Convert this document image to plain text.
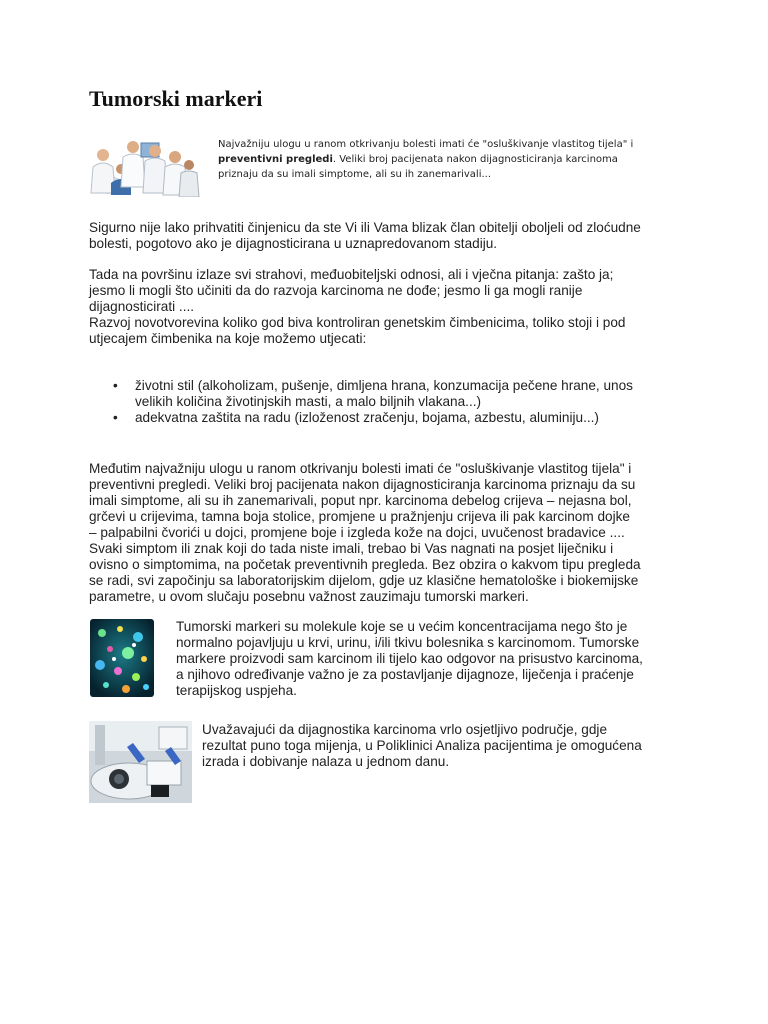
Tumorski markeri
Najvažniju ulogu u ranom otkrivanju bolesti imati će "osluškivanje vlastitog tijela" i
preventivni pregledi. Veliki broj pacijenata nakon dijagnosticiranja karcinoma
priznaju da su imali simptome, ali su ih zanemarivali...
Sigurno nije lako prihvatiti činjenicu da ste Vi ili Vama blizak član obitelji oboljeli od zloćudne
bolesti, pogotovo ako je dijagnosticirana u uznapredovanom stadiju.
Tada na površinu izlaze svi strahovi, međuobiteljski odnosi, ali i vječna pitanja: zašto ja;
jesmo li mogli što učiniti da do razvoja karcinoma ne dođe; jesmo li ga mogli ranije
dijagnosticirati ....
Razvoj novotvorevina koliko god biva kontroliran genetskim čimbenicima, toliko stoji i pod
utjecajem čimbenika na koje možemo utjecati:
• životni stil (alkoholizam, pušenje, dimljena hrana, konzumacija pečene hrane, unos
velikih količina životinjskih masti, a malo biljnih vlakana...)
• adekvatna zaštita na radu (izloženost zračenju, bojama, azbestu, aluminiju...)
Međutim najvažniju ulogu u ranom otkrivanju bolesti imati će "osluškivanje vlastitog tijela" i
preventivni pregledi. Veliki broj pacijenata nakon dijagnosticiranja karcinoma priznaju da su
imali simptome, ali su ih zanemarivali, poput npr. karcinoma debelog crijeva – nejasna bol,
grčevi u crijevima, tamna boja stolice, promjene u pražnjenju crijeva ili pak karcinom dojke
– palpabilni čvorići u dojci, promjene boje i izgleda kože na dojci, uvučenost bradavice ....
Svaki simptom ili znak koji do tada niste imali, trebao bi Vas nagnati na posjet liječniku i
ovisno o simptomima, na početak preventivnih pregleda. Bez obzira o kakvom tipu pregleda
se radi, svi započinju sa laboratorijskim dijelom, gdje uz klasične hematološke i biokemijske
parametre, u ovom slučaju posebnu važnost zauzimaju tumorski markeri.
Tumorski markeri su molekule koje se u većim koncentracijama nego što je
normalno pojavljuju u krvi, urinu, i/ili tkivu bolesnika s karcinomom. Tumorske
markere proizvodi sam karcinom ili tijelo kao odgovor na prisustvo karcinoma,
a njihovo određivanje važno je za postavljanje dijagnoze, liječenja i praćenje
terapijskog uspjeha.
Uvažavajući da dijagnostika karcinoma vrlo osjetljivo područje, gdje
rezultat puno toga mijenja, u Poliklinici Analiza pacijentima je omogućena
izrada i dobivanje nalaza u jednom danu.
